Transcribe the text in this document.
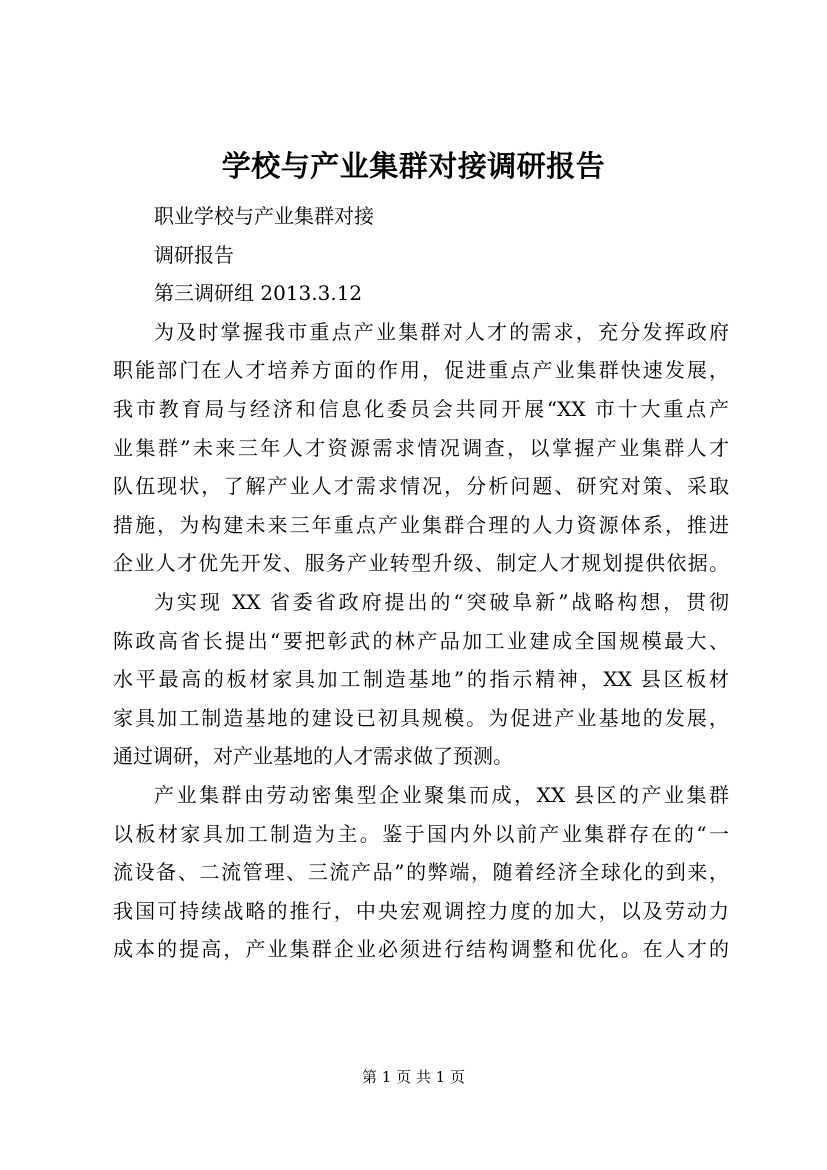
学校与产业集群对接调研报告
职业学校与产业集群对接
调研报告
第三调研组 2013.3.12
为及时掌握我市重点产业集群对人才的需求，充分发挥政府
职能部门在人才培养方面的作用，促进重点产业集群快速发展，
我市教育局与经济和信息化委员会共同开展“XX 市十大重点产
业集群”未来三年人才资源需求情况调查，以掌握产业集群人才
队伍现状，了解产业人才需求情况，分析问题、研究对策、采取
措施，为构建未来三年重点产业集群合理的人力资源体系，推进
企业人才优先开发、服务产业转型升级、制定人才规划提供依据。
为实现 XX 省委省政府提出的“突破阜新”战略构想，贯彻
陈政高省长提出“要把彰武的林产品加工业建成全国规模最大、
水平最高的板材家具加工制造基地”的指示精神，XX 县区板材
家具加工制造基地的建设已初具规模。为促进产业基地的发展，
通过调研，对产业基地的人才需求做了预测。
产业集群由劳动密集型企业聚集而成，XX 县区的产业集群
以板材家具加工制造为主。鉴于国内外以前产业集群存在的“一
流设备、二流管理、三流产品”的弊端，随着经济全球化的到来，
我国可持续战略的推行，中央宏观调控力度的加大，以及劳动力
成本的提高，产业集群企业必须进行结构调整和优化。在人才的
第 1 页 共 1 页
